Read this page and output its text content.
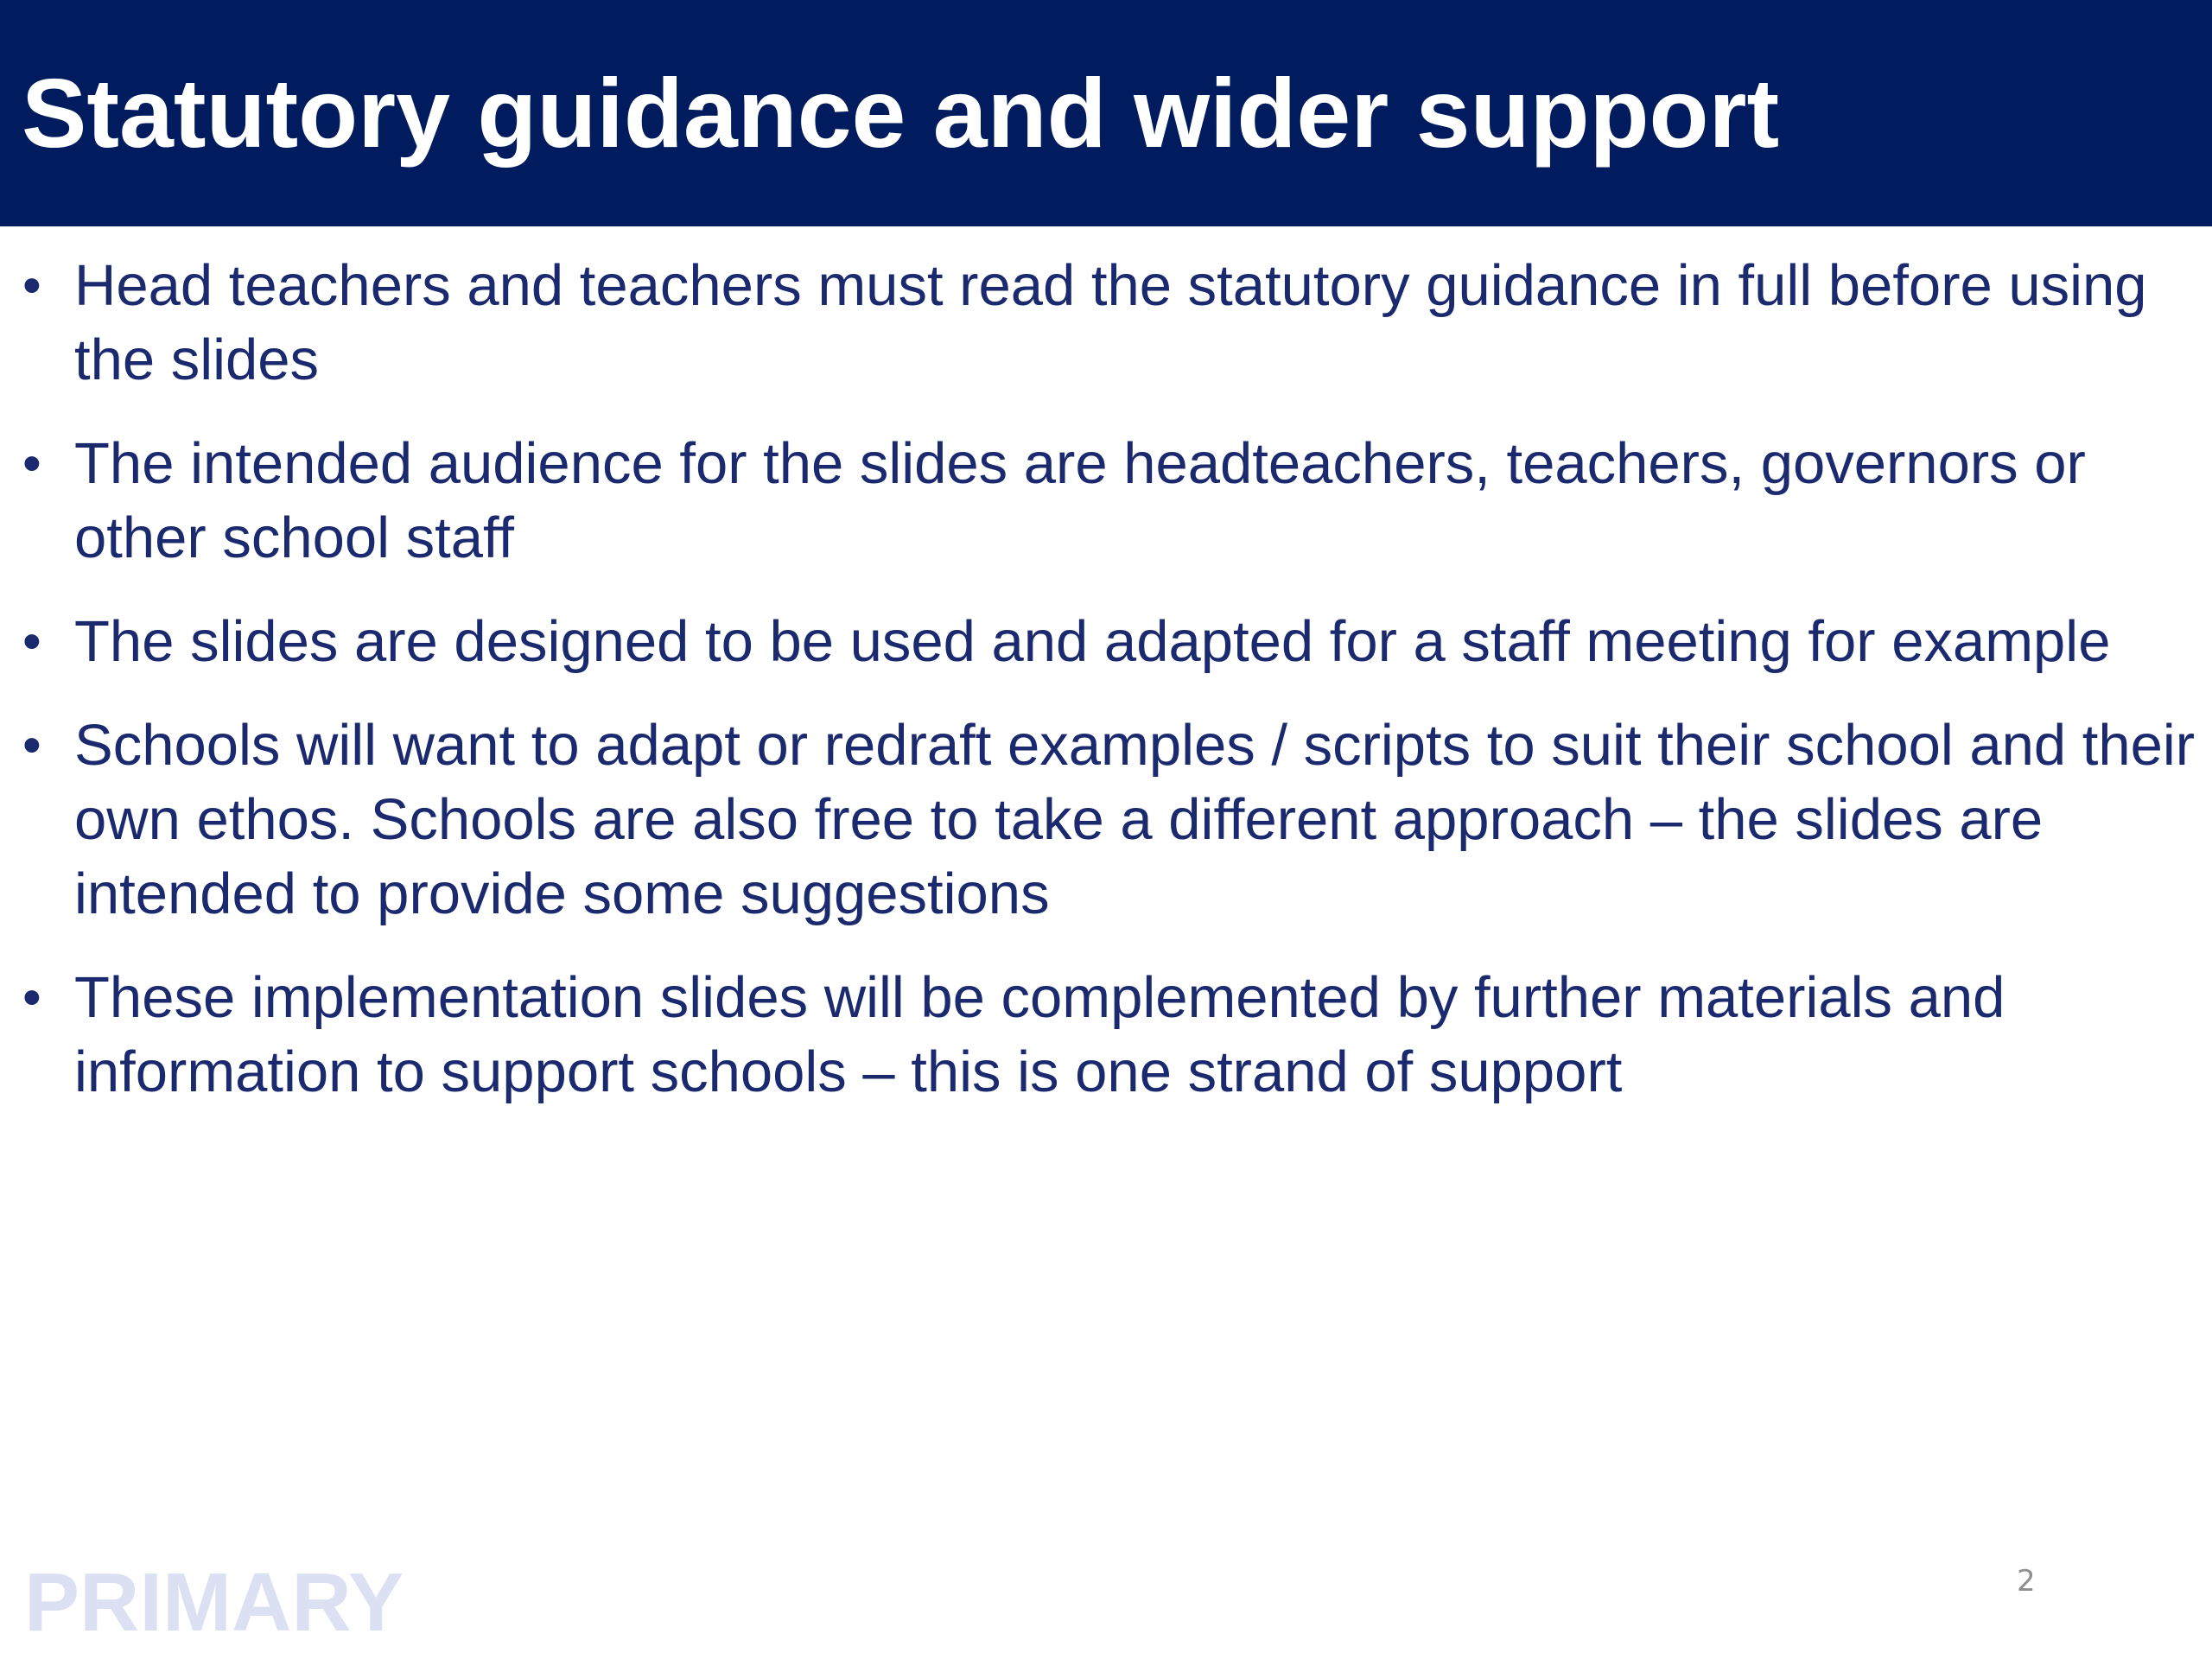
Statutory guidance and wider support
• Head teachers and teachers must read the statutory guidance in full before using the slides
• The intended audience for the slides are headteachers, teachers, governors or other school staff
• The slides are designed to be used and adapted for a staff meeting for example
• Schools will want to adapt or redraft examples / scripts to suit their school and their own ethos. Schools are also free to take a different approach – the slides are intended to provide some suggestions
• These implementation slides will be complemented by further materials and information to support schools – this is one strand of support
PRIMARY	2
